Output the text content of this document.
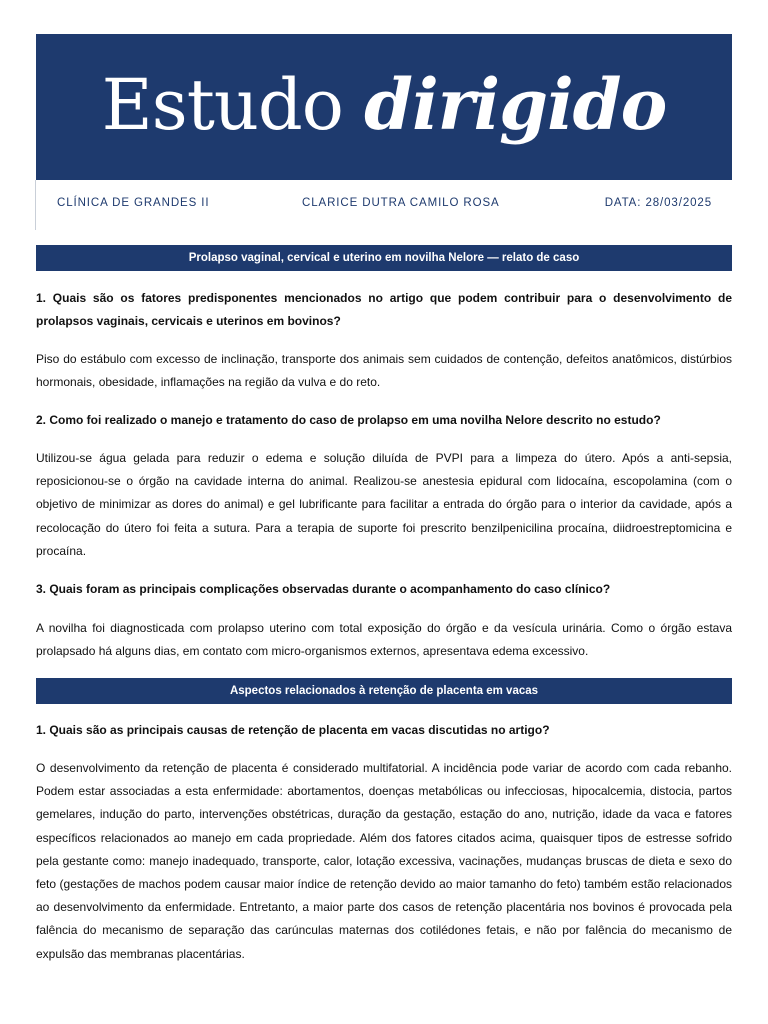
Estudo dirigido
CLÍNICA DE GRANDES II	CLARICE DUTRA CAMILO ROSA	DATA: 28/03/2025
Prolapso vaginal, cervical e uterino em novilha Nelore — relato de caso

1. Quais são os fatores predisponentes mencionados no artigo que podem contribuir para o desenvolvimento de prolapsos vaginais, cervicais e uterinos em bovinos?

Piso do estábulo com excesso de inclinação, transporte dos animais sem cuidados de contenção, defeitos anatômicos, distúrbios hormonais, obesidade, inflamações na região da vulva e do reto.

2. Como foi realizado o manejo e tratamento do caso de prolapso em uma novilha Nelore descrito no estudo?

Utilizou-se água gelada para reduzir o edema e solução diluída de PVPI para a limpeza do útero. Após a anti-sepsia, reposicionou-se o órgão na cavidade interna do animal. Realizou-se anestesia epidural com lidocaína, escopolamina (com o objetivo de minimizar as dores do animal) e gel lubrificante para facilitar a entrada do órgão para o interior da cavidade, após a recolocação do útero foi feita a sutura. Para a terapia de suporte foi prescrito benzilpenicilina procaína, diidroestreptomicina e procaína.

3. Quais foram as principais complicações observadas durante o acompanhamento do caso clínico?

A novilha foi diagnosticada com prolapso uterino com total exposição do órgão e da vesícula urinária. Como o órgão estava prolapsado há alguns dias, em contato com micro-organismos externos, apresentava edema excessivo.

Aspectos relacionados à retenção de placenta em vacas

1. Quais são as principais causas de retenção de placenta em vacas discutidas no artigo?

O desenvolvimento da retenção de placenta é considerado multifatorial. A incidência pode variar de acordo com cada rebanho. Podem estar associadas a esta enfermidade: abortamentos, doenças metabólicas ou infecciosas, hipocalcemia, distocia, partos gemelares, indução do parto, intervenções obstétricas, duração da gestação, estação do ano, nutrição, idade da vaca e fatores específicos relacionados ao manejo em cada propriedade. Além dos fatores citados acima, quaisquer tipos de estresse sofrido pela gestante como: manejo inadequado, transporte, calor, lotação excessiva, vacinações, mudanças bruscas de dieta e sexo do feto (gestações de machos podem causar maior índice de retenção devido ao maior tamanho do feto) também estão relacionados ao desenvolvimento da enfermidade. Entretanto, a maior parte dos casos de retenção placentária nos bovinos é provocada pela falência do mecanismo de separação das carúnculas maternas dos cotilédones fetais, e não por falência do mecanismo de expulsão das membranas placentárias.
